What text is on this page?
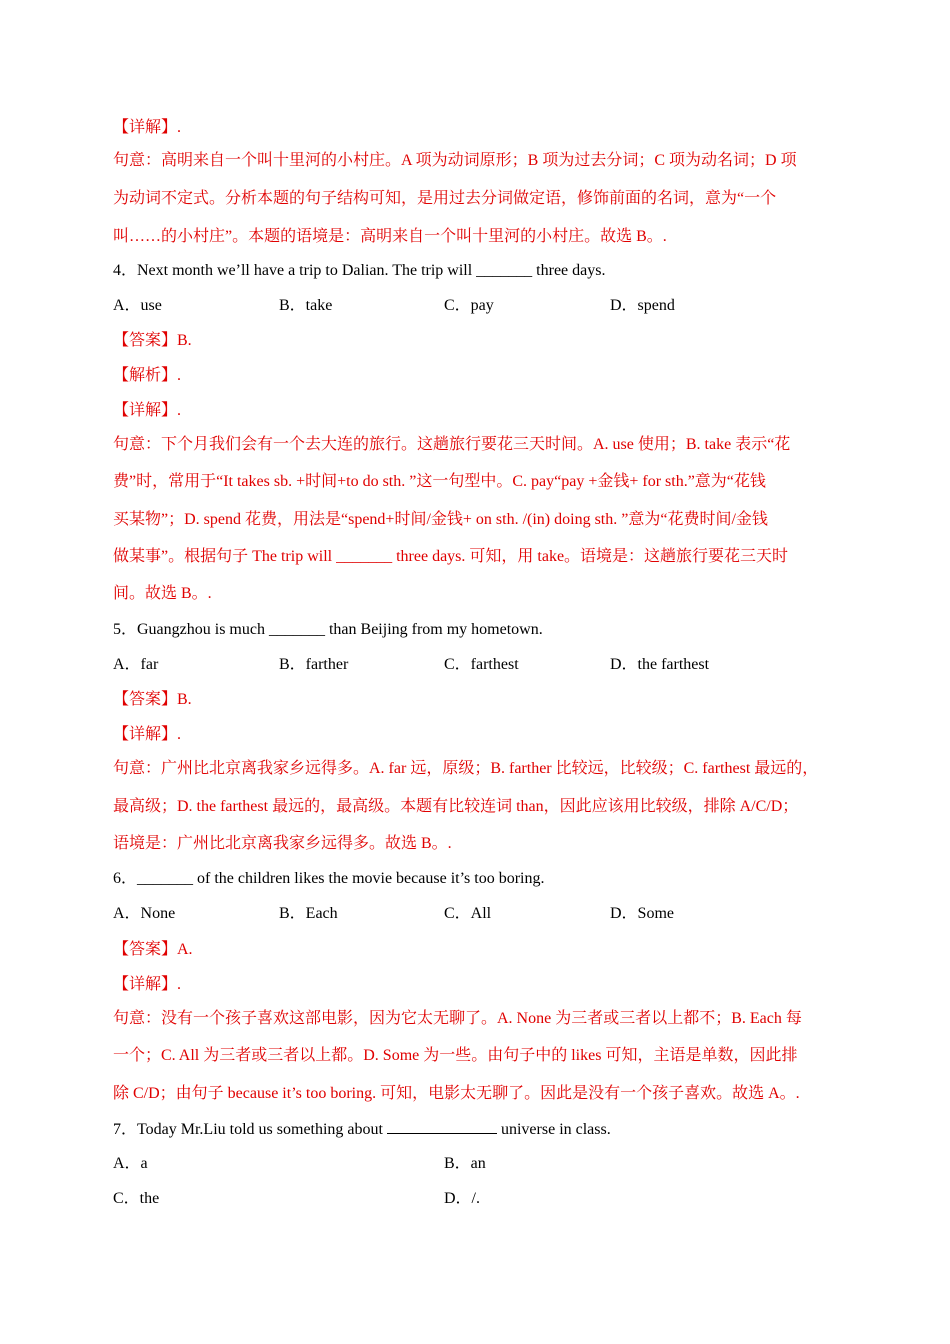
【详解】.
句意：高明来自一个叫十里河的小村庄。A 项为动词原形；B 项为过去分词；C 项为动名词；D 项
为动词不定式。分析本题的句子结构可知，是用过去分词做定语，修饰前面的名词，意为“一个
叫……的小村庄”。本题的语境是：高明来自一个叫十里河的小村庄。故选 B。.
4．Next month we’ll have a trip to Dalian. The trip will _______ three days.
A．use	B．take	C．pay	D．spend
【答案】B.
【解析】.
【详解】.
句意：下个月我们会有一个去大连的旅行。这趟旅行要花三天时间。A. use 使用；B. take 表示“花
费”时，常用于“It takes sb. +时间+to do sth. ”这一句型中。C. pay“pay +金钱+ for sth.”意为“花钱
买某物”；D. spend 花费，用法是“spend+时间/金钱+ on sth. /(in) doing sth. ”意为“花费时间/金钱
做某事”。根据句子 The trip will _______ three days. 可知，用 take。语境是：这趟旅行要花三天时
间。故选 B。.
5．Guangzhou is much _______ than Beijing from my hometown.
A．far	B．farther	C．farthest	D．the farthest
【答案】B.
【详解】.
句意：广州比北京离我家乡远得多。A. far 远，原级；B. farther 比较远，比较级；C. farthest 最远的，
最高级；D. the farthest 最远的，最高级。本题有比较连词 than，因此应该用比较级，排除 A/C/D；
语境是：广州比北京离我家乡远得多。故选 B。.
6．_______ of the children likes the movie because it’s too boring.
A．None	B．Each	C．All	D．Some
【答案】A.
【详解】.
句意：没有一个孩子喜欢这部电影，因为它太无聊了。A. None 为三者或三者以上都不；B. Each 每
一个；C. All 为三者或三者以上都。D. Some 为一些。由句子中的 likes 可知，主语是单数，因此排
除 C/D；由句子 because it’s too boring. 可知，电影太无聊了。因此是没有一个孩子喜欢。故选 A。.
7．Today Mr.Liu told us something about	universe in class.
A．a	B．an
C．the	D．/.
